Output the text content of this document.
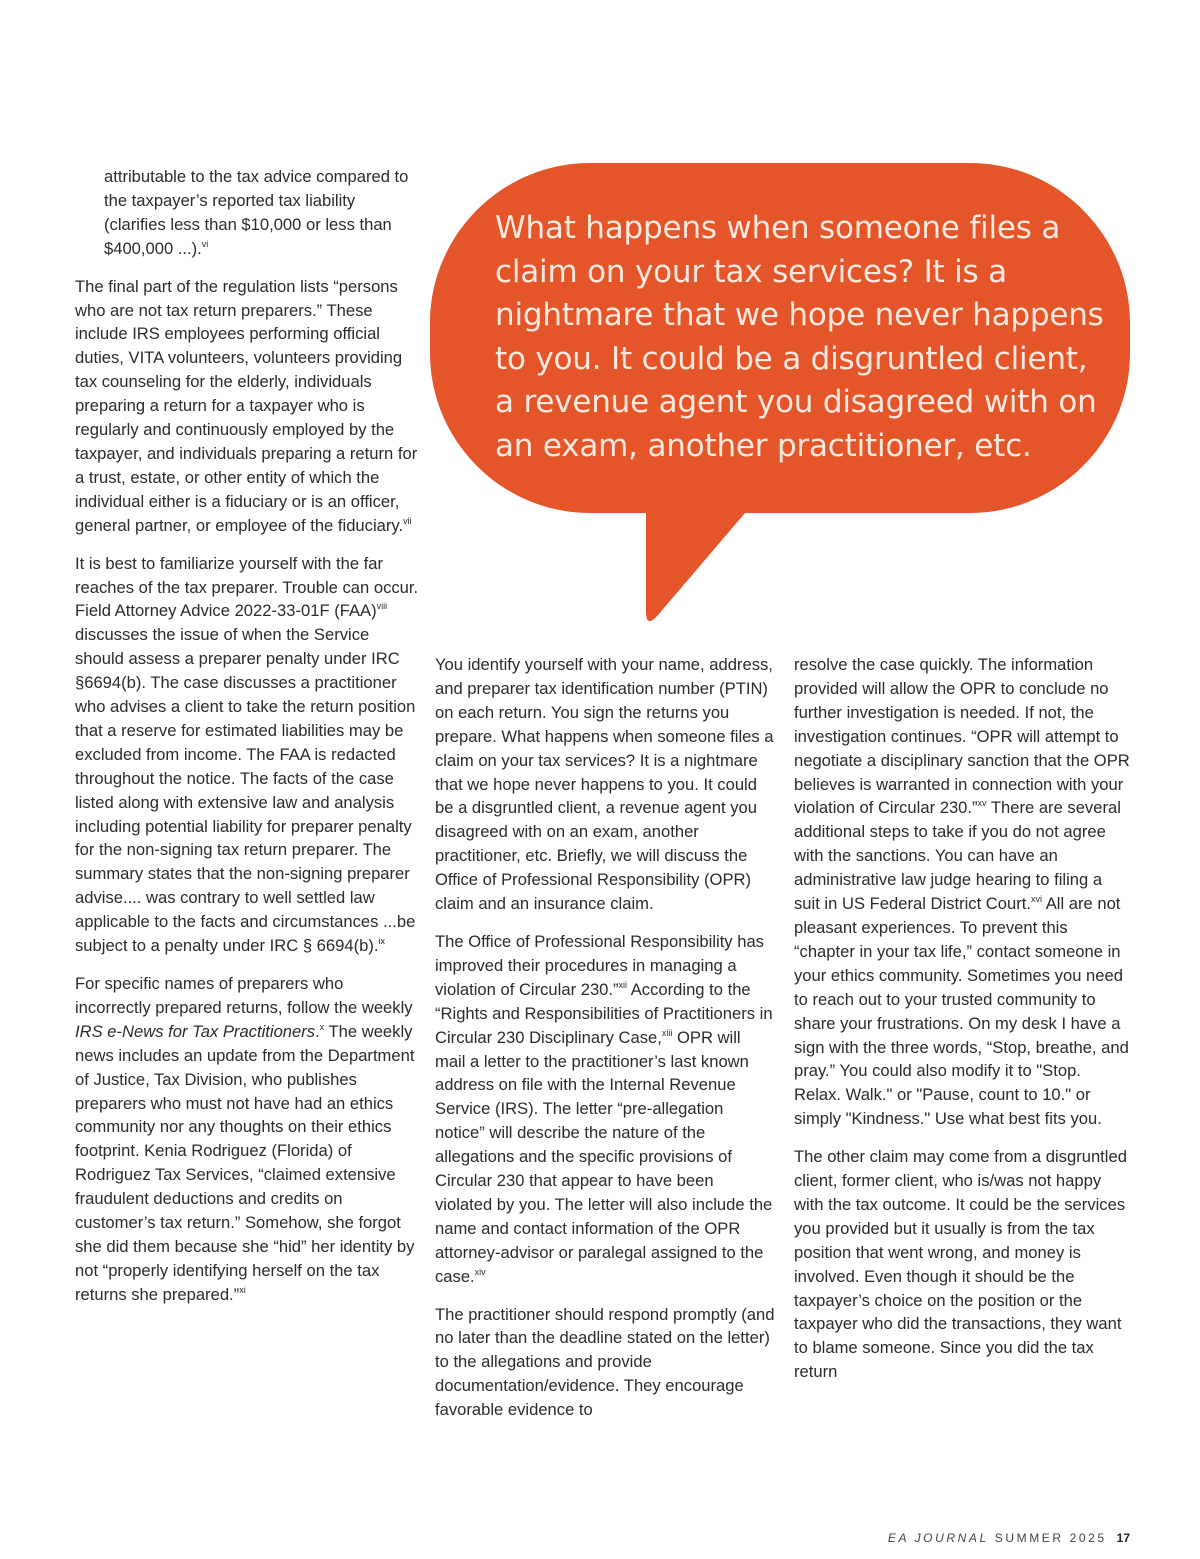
attributable to the tax advice compared to the taxpayer’s reported tax liability (clarifies less than $10,000 or less than $400,000 ...).$^{vi}$

The final part of the regulation lists “persons who are not tax return preparers.” These include IRS employees performing official duties, VITA volunteers, volunteers providing tax counseling for the elderly, individuals preparing a return for a taxpayer who is regularly and continuously employed by the taxpayer, and individuals preparing a return for a trust, estate, or other entity of which the individual either is a fiduciary or is an officer, general partner, or employee of the fiduciary.$^{vii}$

It is best to familiarize yourself with the far reaches of the tax preparer. Trouble can occur. Field Attorney Advice 2022-33-01F (FAA)$^{viii}$ discusses the issue of when the Service should assess a preparer penalty under IRC §6694(b). The case discusses a practitioner who advises a client to take the return position that a reserve for estimated liabilities may be excluded from income. The FAA is redacted throughout the notice. The facts of the case listed along with extensive law and analysis including potential liability for preparer penalty for the non-signing tax return preparer. The summary states that the non-signing preparer advise.... was contrary to well settled law applicable to the facts and circumstances ...be subject to a penalty under IRC § 6694(b).$^{ix}$

For specific names of preparers who incorrectly prepared returns, follow the weekly IRS e-News for Tax Practitioners.$^x$ The weekly news includes an update from the Department of Justice, Tax Division, who publishes preparers who must not have had an ethics community nor any thoughts on their ethics footprint. Kenia Rodriguez (Florida) of Rodriguez Tax Services, “claimed extensive fraudulent deductions and credits on customer’s tax return.” Somehow, she forgot she did them because she “hid” her identity by not “properly identifying herself on the tax returns she prepared.”$^{xi}$

What happens when someone files a claim on your tax services? It is a nightmare that we hope never happens to you. It could be a disgruntled client, a revenue agent you disagreed with on an exam, another practitioner, etc.

You identify yourself with your name, address, and preparer tax identification number (PTIN) on each return. You sign the returns you prepare. What happens when someone files a claim on your tax services? It is a nightmare that we hope never happens to you. It could be a disgruntled client, a revenue agent you disagreed with on an exam, another practitioner, etc. Briefly, we will discuss the Office of Professional Responsibility (OPR) claim and an insurance claim.

The Office of Professional Responsibility has improved their procedures in managing a violation of Circular 230.”$^{xii}$ According to the “Rights and Responsibilities of Practitioners in Circular 230 Disciplinary Case,$^{xiii}$ OPR will mail a letter to the practitioner’s last known address on file with the Internal Revenue Service (IRS). The letter “pre-allegation notice” will describe the nature of the allegations and the specific provisions of Circular 230 that appear to have been violated by you. The letter will also include the name and contact information of the OPR attorney-advisor or paralegal assigned to the case.$^{xiv}$

The practitioner should respond promptly (and no later than the deadline stated on the letter) to the allegations and provide documentation/evidence. They encourage favorable evidence to

resolve the case quickly. The information provided will allow the OPR to conclude no further investigation is needed. If not, the investigation continues. “OPR will attempt to negotiate a disciplinary sanction that the OPR believes is warranted in connection with your violation of Circular 230.”$^{xv}$ There are several additional steps to take if you do not agree with the sanctions. You can have an administrative law judge hearing to filing a suit in US Federal District Court.$^{xvi}$ All are not pleasant experiences. To prevent this “chapter in your tax life,” contact someone in your ethics community. Sometimes you need to reach out to your trusted community to share your frustrations. On my desk I have a sign with the three words, “Stop, breathe, and pray.” You could also modify it to "Stop. Relax. Walk." or "Pause, count to 10." or simply "Kindness." Use what best fits you.

The other claim may come from a disgruntled client, former client, who is/was not happy with the tax outcome. It could be the services you provided but it usually is from the tax position that went wrong, and money is involved. Even though it should be the taxpayer’s choice on the position or the taxpayer who did the transactions, they want to blame someone. Since you did the tax return

EA JOURNAL SUMMER 2025 17
